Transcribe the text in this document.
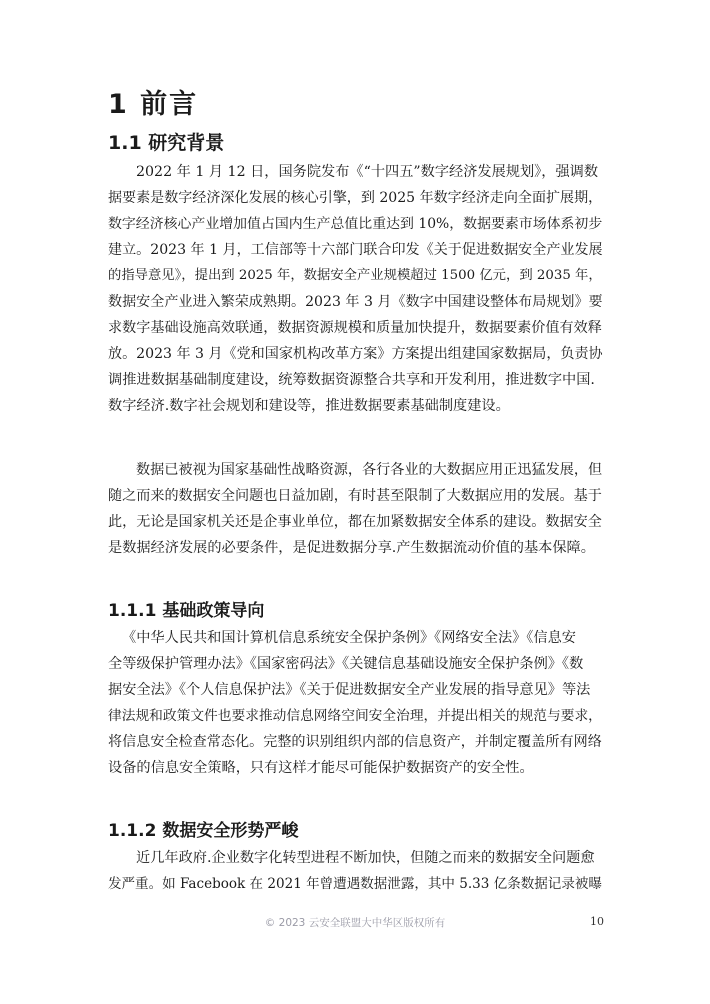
1 前言
1.1 研究背景
2022 年 1 月 12 日，国务院发布《“十四五”数字经济发展规划》，强调数
据要素是数字经济深化发展的核心引擎，到 2025 年数字经济走向全面扩展期，
数字经济核心产业增加值占国内生产总值比重达到 10%，数据要素市场体系初步
建立。2023 年 1 月，工信部等十六部门联合印发《关于促进数据安全产业发展
的指导意见》，提出到 2025 年，数据安全产业规模超过 1500 亿元，到 2035 年，
数据安全产业进入繁荣成熟期。2023 年 3 月《数字中国建设整体布局规划》要
求数字基础设施高效联通，数据资源规模和质量加快提升，数据要素价值有效释
放。2023 年 3 月《党和国家机构改革方案》方案提出组建国家数据局，负责协
调推进数据基础制度建设，统筹数据资源整合共享和开发利用，推进数字中国.
数字经济.数字社会规划和建设等，推进数据要素基础制度建设。
数据已被视为国家基础性战略资源，各行各业的大数据应用正迅猛发展，但
随之而来的数据安全问题也日益加剧，有时甚至限制了大数据应用的发展。基于
此，无论是国家机关还是企事业单位，都在加紧数据安全体系的建设。数据安全
是数据经济发展的必要条件，是促进数据分享.产生数据流动价值的基本保障。
1.1.1 基础政策导向
《中华人民共和国计算机信息系统安全保护条例》《网络安全法》《信息安
全等级保护管理办法》《国家密码法》《关键信息基础设施安全保护条例》《数
据安全法》《个人信息保护法》《关于促进数据安全产业发展的指导意见》等法
律法规和政策文件也要求推动信息网络空间安全治理，并提出相关的规范与要求，
将信息安全检查常态化。完整的识别组织内部的信息资产，并制定覆盖所有网络
设备的信息安全策略，只有这样才能尽可能保护数据资产的安全性。
1.1.2 数据安全形势严峻
近几年政府.企业数字化转型进程不断加快，但随之而来的数据安全问题愈
发严重。如 Facebook 在 2021 年曾遭遇数据泄露，其中 5.33 亿条数据记录被曝
© 2023 云安全联盟大中华区版权所有	10
